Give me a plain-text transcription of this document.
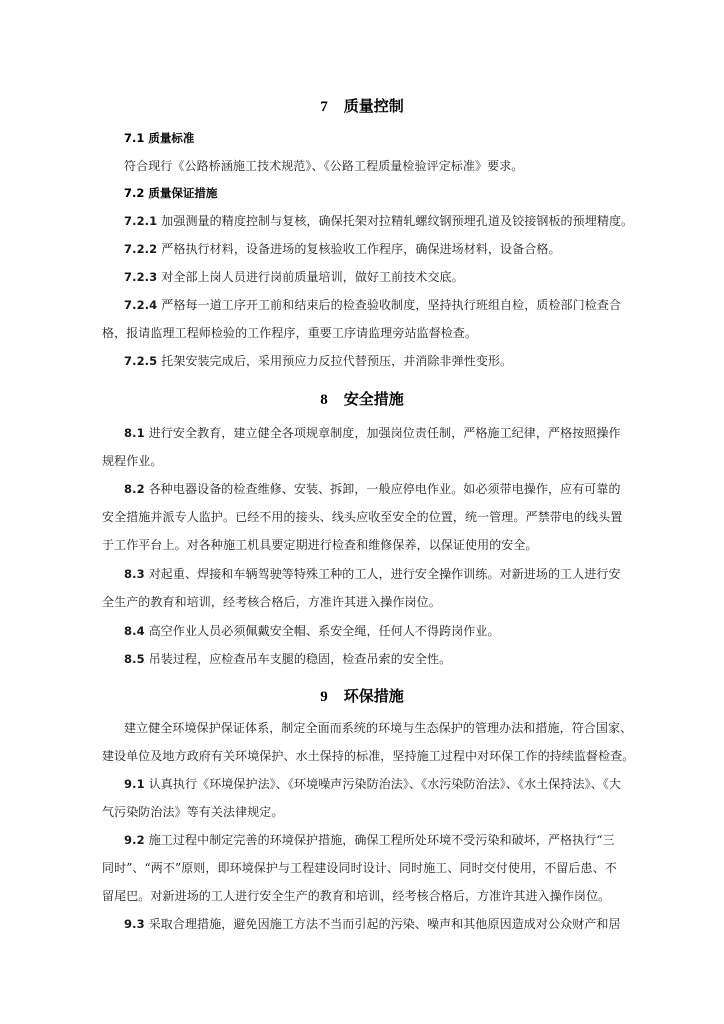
7 质量控制
7.1 质量标准
符合现行《公路桥涵施工技术规范》、《公路工程质量检验评定标准》要求。
7.2 质量保证措施
7.2.1 加强测量的精度控制与复核，确保托架对拉精轧螺纹钢预埋孔道及铰接钢板的预埋精度。
7.2.2 严格执行材料，设备进场的复核验收工作程序，确保进场材料，设备合格。
7.2.3 对全部上岗人员进行岗前质量培训，做好工前技术交底。
7.2.4 严格每一道工序开工前和结束后的检查验收制度，坚持执行班组自检，质检部门检查合
格，报请监理工程师检验的工作程序，重要工序请监理旁站监督检查。
7.2.5 托架安装完成后，采用预应力反拉代替预压，并消除非弹性变形。
8 安全措施
8.1 进行安全教育，建立健全各项规章制度，加强岗位责任制，严格施工纪律，严格按照操作
规程作业。
8.2 各种电器设备的检查维修、安装、拆卸，一般应停电作业。如必须带电操作，应有可靠的
安全措施并派专人监护。已经不用的接头、线头应收至安全的位置，统一管理。严禁带电的线头置
于工作平台上。对各种施工机具要定期进行检查和维修保养，以保证使用的安全。
8.3 对起重、焊接和车辆驾驶等特殊工种的工人，进行安全操作训练。对新进场的工人进行安
全生产的教育和培训，经考核合格后，方准许其进入操作岗位。
8.4 高空作业人员必须佩戴安全帽、系安全绳，任何人不得跨岗作业。
8.5 吊装过程，应检查吊车支腿的稳固，检查吊索的安全性。
9 环保措施
建立健全环境保护保证体系，制定全面而系统的环境与生态保护的管理办法和措施，符合国家、
建设单位及地方政府有关环境保护、水土保持的标准，坚持施工过程中对环保工作的持续监督检查。
9.1 认真执行《环境保护法》、《环境噪声污染防治法》、《水污染防治法》、《水土保持法》、《大
气污染防治法》等有关法律规定。
9.2 施工过程中制定完善的环境保护措施，确保工程所处环境不受污染和破坏，严格执行“三
同时”、“两不”原则，即环境保护与工程建设同时设计、同时施工、同时交付使用，不留后患、不
留尾巴。对新进场的工人进行安全生产的教育和培训，经考核合格后，方准许其进入操作岗位。
9.3 采取合理措施，避免因施工方法不当而引起的污染、噪声和其他原因造成对公众财产和居
